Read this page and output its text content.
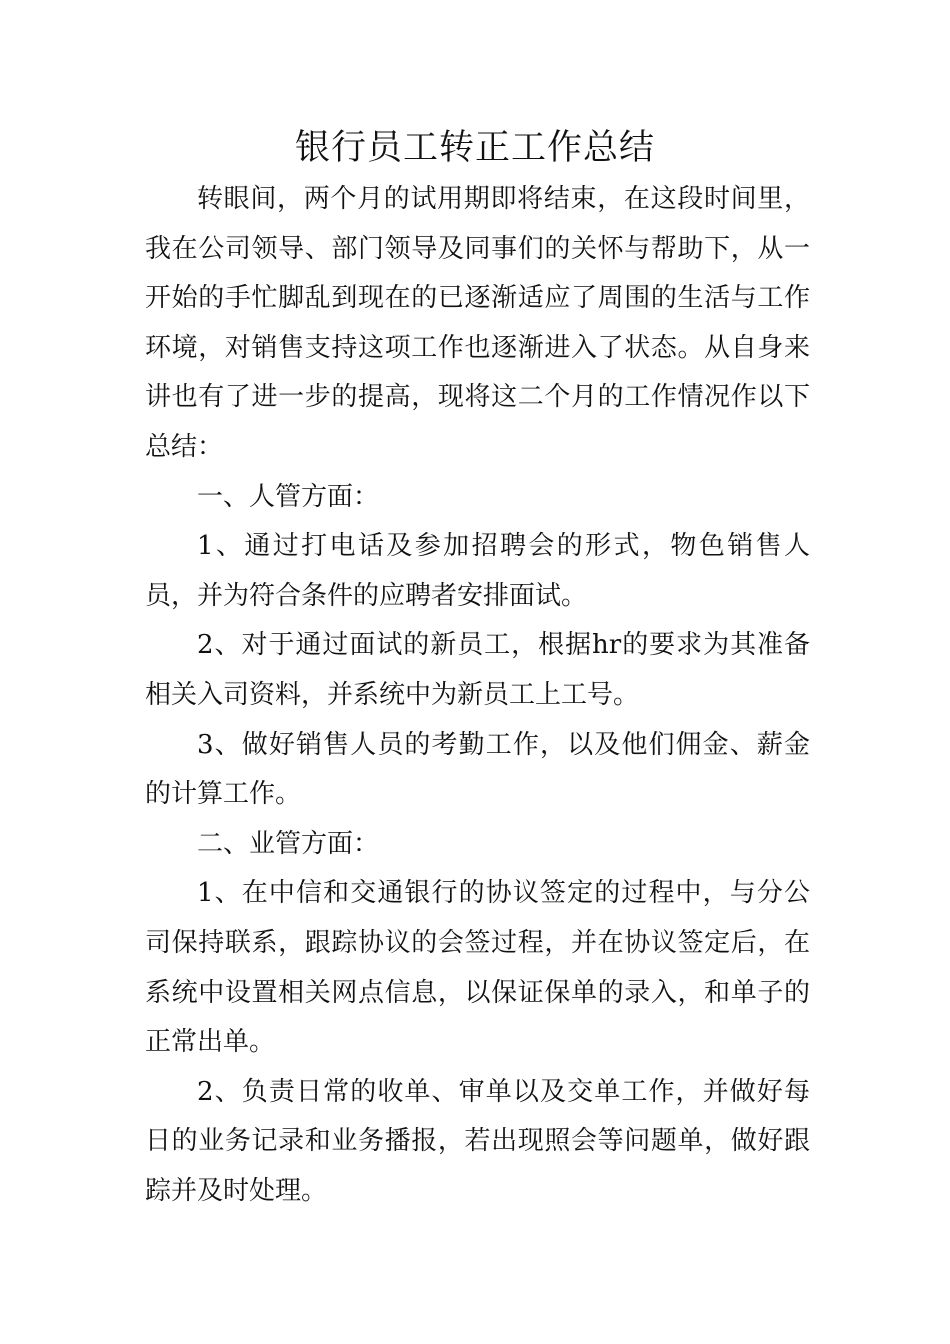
银行员工转正工作总结

转眼间，两个月的试用期即将结束，在这段时间里，我在公司领导、部门领导及同事们的关怀与帮助下，从一开始的手忙脚乱到现在的已逐渐适应了周围的生活与工作环境，对销售支持这项工作也逐渐进入了状态。从自身来讲也有了进一步的提高，现将这二个月的工作情况作以下总结：

一、人管方面：

1、通过打电话及参加招聘会的形式，物色销售人员，并为符合条件的应聘者安排面试。

2、对于通过面试的新员工，根据hr的要求为其准备相关入司资料，并系统中为新员工上工号。

3、做好销售人员的考勤工作，以及他们佣金、薪金的计算工作。

二、业管方面：

1、在中信和交通银行的协议签定的过程中，与分公司保持联系，跟踪协议的会签过程，并在协议签定后，在系统中设置相关网点信息，以保证保单的录入，和单子的正常出单。

2、负责日常的收单、审单以及交单工作，并做好每日的业务记录和业务播报，若出现照会等问题单，做好跟踪并及时处理。
